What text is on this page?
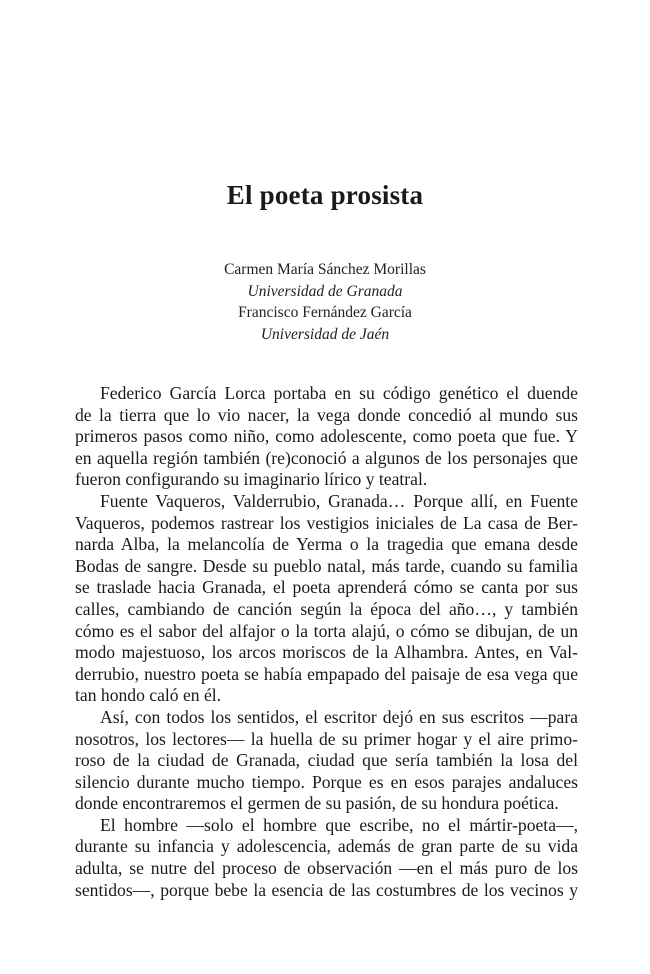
El poeta prosista
Carmen María Sánchez Morillas
Universidad de Granada
Francisco Fernández García
Universidad de Jaén
Federico García Lorca portaba en su código genético el duende
de la tierra que lo vio nacer, la vega donde concedió al mundo sus
primeros pasos como niño, como adolescente, como poeta que fue. Y
en aquella región también (re)conoció a algunos de los personajes que
fueron configurando su imaginario lírico y teatral.
Fuente Vaqueros, Valderrubio, Granada… Porque allí, en Fuente
Vaqueros, podemos rastrear los vestigios iniciales de La casa de Ber-
narda Alba, la melancolía de Yerma o la tragedia que emana desde
Bodas de sangre. Desde su pueblo natal, más tarde, cuando su familia
se traslade hacia Granada, el poeta aprenderá cómo se canta por sus
calles, cambiando de canción según la época del año…, y también
cómo es el sabor del alfajor o la torta alajú, o cómo se dibujan, de un
modo majestuoso, los arcos moriscos de la Alhambra. Antes, en Val-
derrubio, nuestro poeta se había empapado del paisaje de esa vega que
tan hondo caló en él.
Así, con todos los sentidos, el escritor dejó en sus escritos —para
nosotros, los lectores— la huella de su primer hogar y el aire primo-
roso de la ciudad de Granada, ciudad que sería también la losa del
silencio durante mucho tiempo. Porque es en esos parajes andaluces
donde encontraremos el germen de su pasión, de su hondura poética.
El hombre —solo el hombre que escribe, no el mártir-poeta—,
durante su infancia y adolescencia, además de gran parte de su vida
adulta, se nutre del proceso de observación —en el más puro de los
sentidos—, porque bebe la esencia de las costumbres de los vecinos y
